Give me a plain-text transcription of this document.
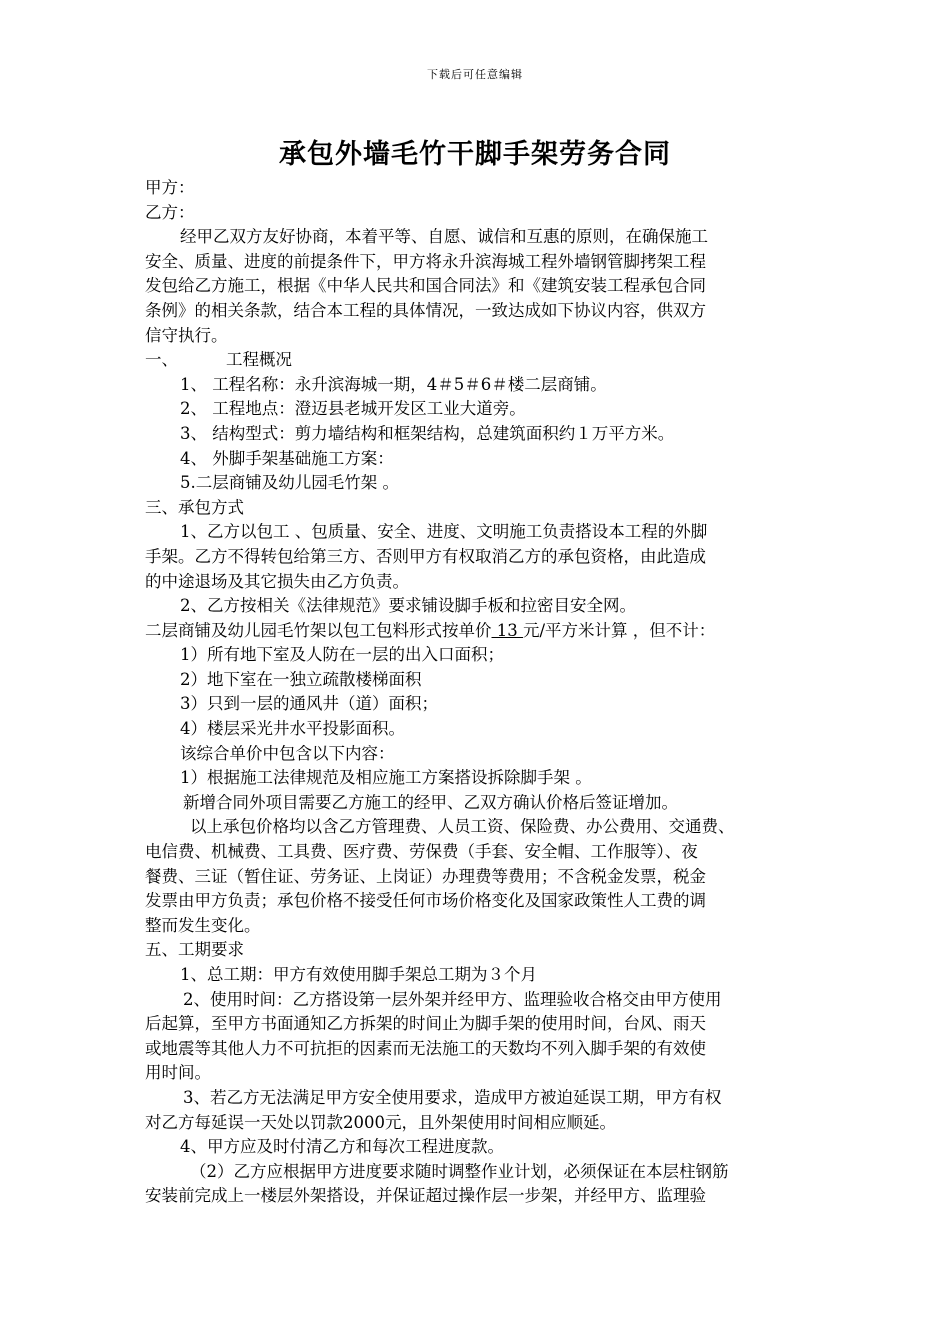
下载后可任意编辑
承包外墙毛竹干脚手架劳务合同

甲方：

乙方：

经甲乙双方友好协商，本着平等、自愿、诚信和互惠的原则，在确保施工

安全、质量、进度的前提条件下，甲方将永升滨海城工程外墙钢管脚拷架工程

发包给乙方施工，根据《中华人民共和国合同法》和《建筑安装工程承包合同

条例》的相关条款，结合本工程的具体情况，一致达成如下协议内容，供双方

信守执行。

一、	工程概况

1、 工程名称：永升滨海城一期，4＃5＃6＃楼二层商铺。

2、 工程地点：澄迈县老城开发区工业大道旁。

3、 结构型式：剪力墙结构和框架结构，总建筑面积约１万平方米。

4、 外脚手架基础施工方案：

5.二层商铺及幼儿园毛竹架 。

三、承包方式

1、乙方以包工 、包质量、安全、进度、文明施工负责搭设本工程的外脚

手架。乙方不得转包给第三方、否则甲方有权取消乙方的承包资格，由此造成

的中途退场及其它损失由乙方负责。

2、乙方按相关《法律规范》要求铺设脚手板和拉密目安全网。

二层商铺及幼儿园毛竹架以包工包料形式按单价 13 元/平方米计算 ，但不计：

1）所有地下室及人防在一层的出入口面积；

2）地下室在一独立疏散楼梯面积

3）只到一层的通风井（道）面积；

4）楼层采光井水平投影面积。

该综合单价中包含以下内容：

1）根据施工法律规范及相应施工方案搭设拆除脚手架 。

新增合同外项目需要乙方施工的经甲、乙双方确认价格后签证增加。

以上承包价格均以含乙方管理费、人员工资、保险费、办公费用、交通费、

电信费、机械费、工具费、医疗费、劳保费（手套、安全帽、工作服等）、夜

餐费、三证（暂住证、劳务证、上岗证）办理费等费用；不含税金发票，税金

发票由甲方负责；承包价格不接受任何市场价格变化及国家政策性人工费的调

整而发生变化。

五、工期要求

1、总工期：甲方有效使用脚手架总工期为３个月

2、使用时间：乙方搭设第一层外架并经甲方、监理验收合格交由甲方使用

后起算，至甲方书面通知乙方拆架的时间止为脚手架的使用时间，台风、雨天

或地震等其他人力不可抗拒的因素而无法施工的天数均不列入脚手架的有效使

用时间。

3、若乙方无法满足甲方安全使用要求，造成甲方被迫延误工期，甲方有权

对乙方每延误一天处以罚款2000元，且外架使用时间相应顺延。

4、甲方应及时付清乙方和每次工程进度款。

（2）乙方应根据甲方进度要求随时调整作业计划，必须保证在本层柱钢筋

安装前完成上一楼层外架搭设，并保证超过操作层一步架，并经甲方、监理验
